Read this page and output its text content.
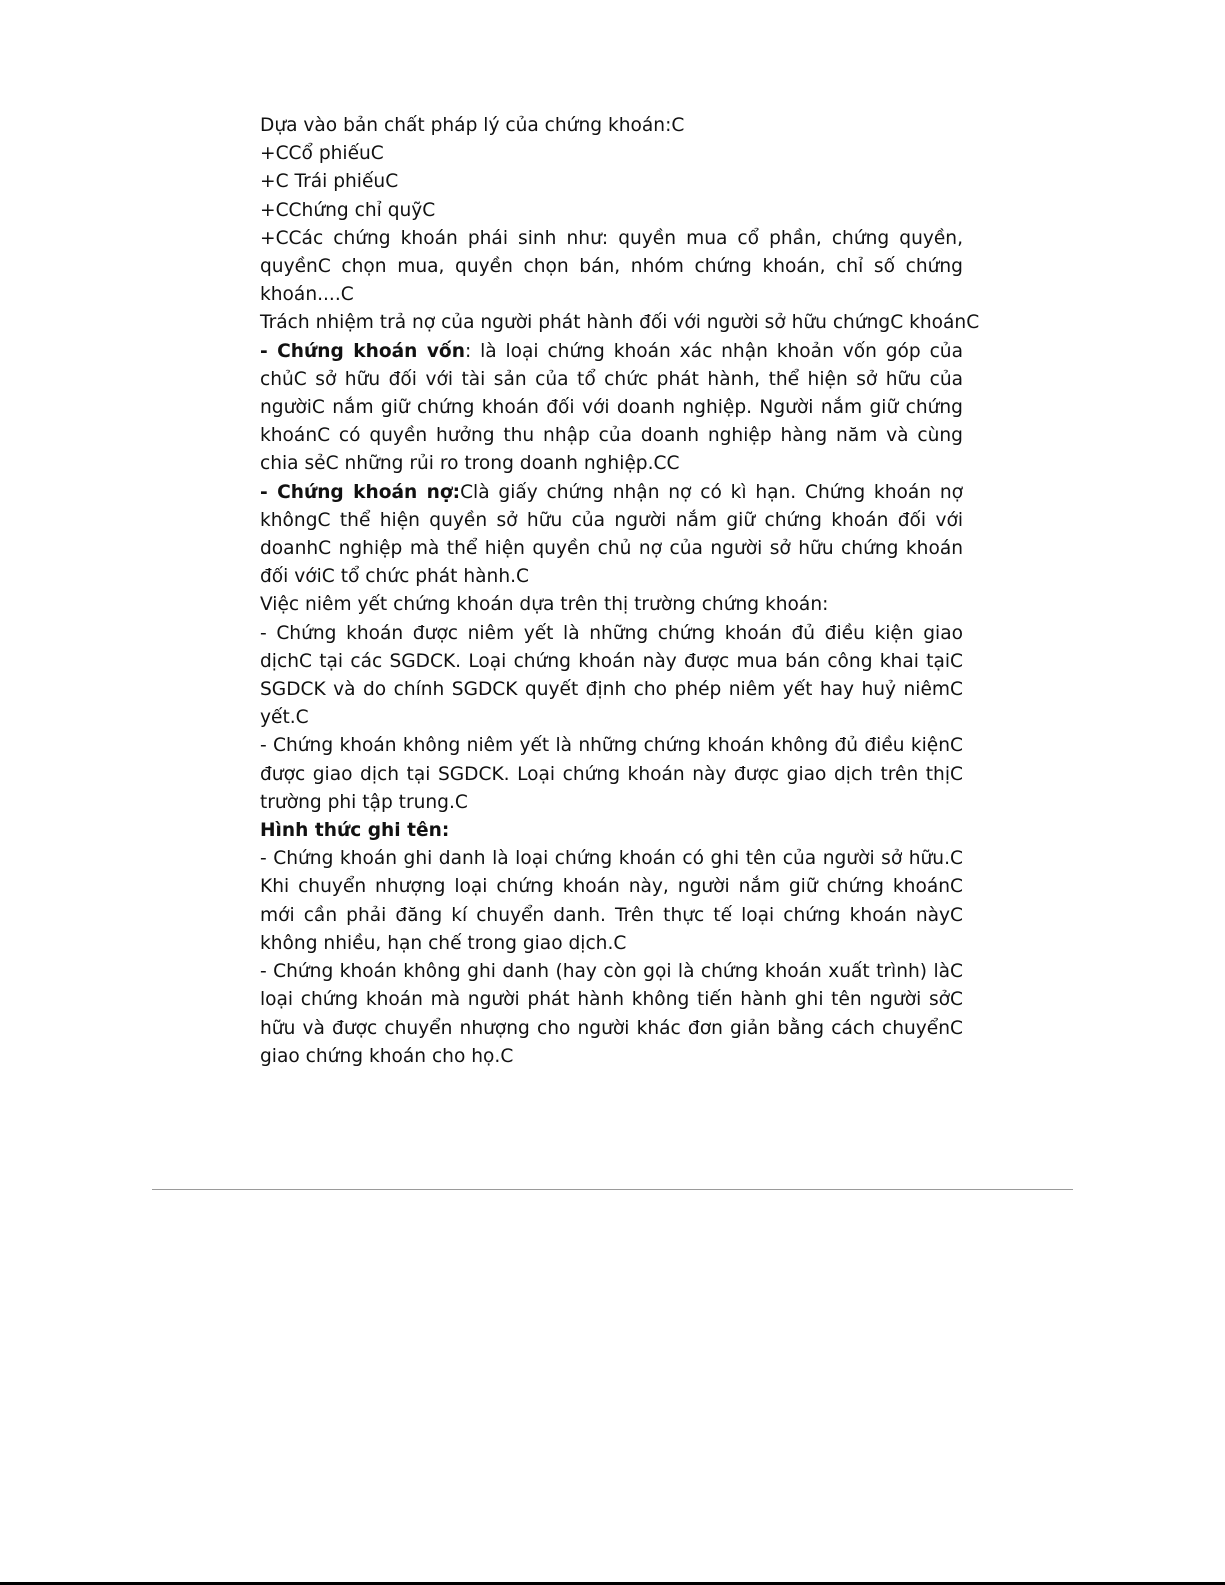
Dựa vào bản chất pháp lý của chứng khoán:C

+CCổ phiếuC

+C Trái phiếuC

+CChứng chỉ quỹC

+CCác chứng khoán phái sinh như: quyền mua cổ phần, chứng quyền, quyềnC chọn mua, quyền chọn bán, nhóm chứng khoán, chỉ số chứng khoán....C

Trách nhiệm trả nợ của người phát hành đối với người sở hữu chứngC khoánC

- Chứng khoán vốn: là loại chứng khoán xác nhận khoản vốn góp của chủC sở hữu đối với tài sản của tổ chức phát hành, thể hiện sở hữu của ngườiC nắm giữ chứng khoán đối với doanh nghiệp. Người nắm giữ chứng khoánC có quyền hưởng thu nhập của doanh nghiệp hàng năm và cùng chia sẻC những rủi ro trong doanh nghiệp.CC

- Chứng khoán nợ:Clà giấy chứng nhận nợ có kì hạn. Chứng khoán nợ khôngC thể hiện quyền sở hữu của người nắm giữ chứng khoán đối với doanhC nghiệp mà thể hiện quyền chủ nợ của người sở hữu chứng khoán đối vớiC tổ chức phát hành.C

Việc niêm yết chứng khoán dựa trên thị trường chứng khoán:

- Chứng khoán được niêm yết là những chứng khoán đủ điều kiện giao dịchC tại các SGDCK. Loại chứng khoán này được mua bán công khai tạiC SGDCK và do chính SGDCK quyết định cho phép niêm yết hay huỷ niêmC yết.C

- Chứng khoán không niêm yết là những chứng khoán không đủ điều kiệnC được giao dịch tại SGDCK. Loại chứng khoán này được giao dịch trên thịC trường phi tập trung.C

Hình thức ghi tên:

- Chứng khoán ghi danh là loại chứng khoán có ghi tên của người sở hữu.C Khi chuyển nhượng loại chứng khoán này, người nắm giữ chứng khoánC mới cần phải đăng kí chuyển danh. Trên thực tế loại chứng khoán nàyC không nhiều, hạn chế trong giao dịch.C

- Chứng khoán không ghi danh (hay còn gọi là chứng khoán xuất trình) làC loại chứng khoán mà người phát hành không tiến hành ghi tên người sởC hữu và được chuyển nhượng cho người khác đơn giản bằng cách chuyểnC giao chứng khoán cho họ.C
